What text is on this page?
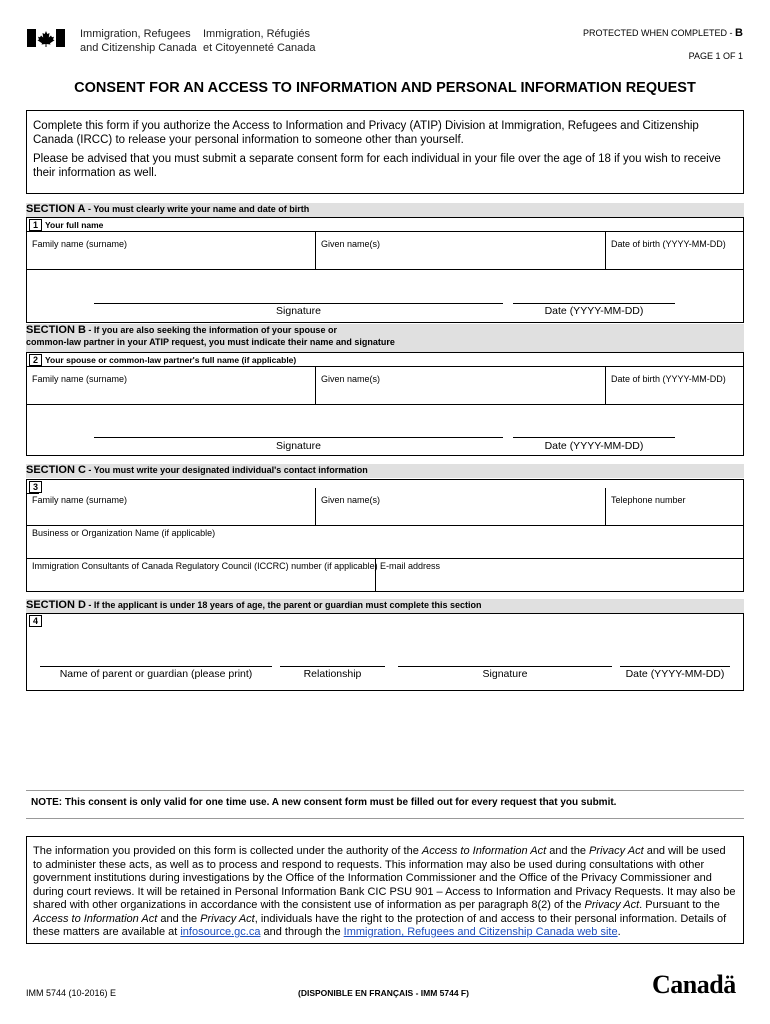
Immigration, Refugees
and Citizenship Canada
Immigration, Réfugiés
et Citoyenneté Canada
PROTECTED WHEN COMPLETED - B
PAGE 1 OF 1
CONSENT FOR AN ACCESS TO INFORMATION AND PERSONAL INFORMATION REQUEST
Complete this form if you authorize the Access to Information and Privacy (ATIP) Division at Immigration, Refugees and Citizenship Canada (IRCC) to release your personal information to someone other than yourself.
Please be advised that you must submit a separate consent form for each individual in your file over the age of 18 if you wish to receive their information as well.
SECTION A - You must clearly write your name and date of birth
1 Your full name
Family name (surname)	Given name(s)	Date of birth (YYYY-MM-DD)
Signature	Date (YYYY-MM-DD)
SECTION B - If you are also seeking the information of your spouse or
common-law partner in your ATIP request, you must indicate their name and signature
2 Your spouse or common-law partner's full name (if applicable)
Family name (surname)	Given name(s)	Date of birth (YYYY-MM-DD)
Signature	Date (YYYY-MM-DD)
SECTION C - You must write your designated individual's contact information
3
Family name (surname)	Given name(s)	Telephone number
Business or Organization Name (if applicable)
Immigration Consultants of Canada Regulatory Council (ICCRC) number (if applicable) E-mail address
SECTION D - If the applicant is under 18 years of age, the parent or guardian must complete this section
4
Name of parent or guardian (please print)	Relationship	Signature	Date (YYYY-MM-DD)
NOTE: This consent is only valid for one time use. A new consent form must be filled out for every request that you submit.
The information you provided on this form is collected under the authority of the Access to Information Act and the Privacy Act and will be used to administer these acts, as well as to process and respond to requests. This information may also be used during consultations with other government institutions during investigations by the Office of the Information Commissioner and the Office of the Privacy Commissioner and during court reviews. It will be retained in Personal Information Bank CIC PSU 901 – Access to Information and Privacy Requests. It may also be shared with other organizations in accordance with the consistent use of information as per paragraph 8(2) of the Privacy Act. Pursuant to the Access to Information Act and the Privacy Act, individuals have the right to the protection of and access to their personal information. Details of these matters are available at infosource.gc.ca and through the Immigration, Refugees and Citizenship Canada web site.
IMM 5744 (10-2016) E	(DISPONIBLE EN FRANÇAIS - IMM 5744 F)	Canadä
